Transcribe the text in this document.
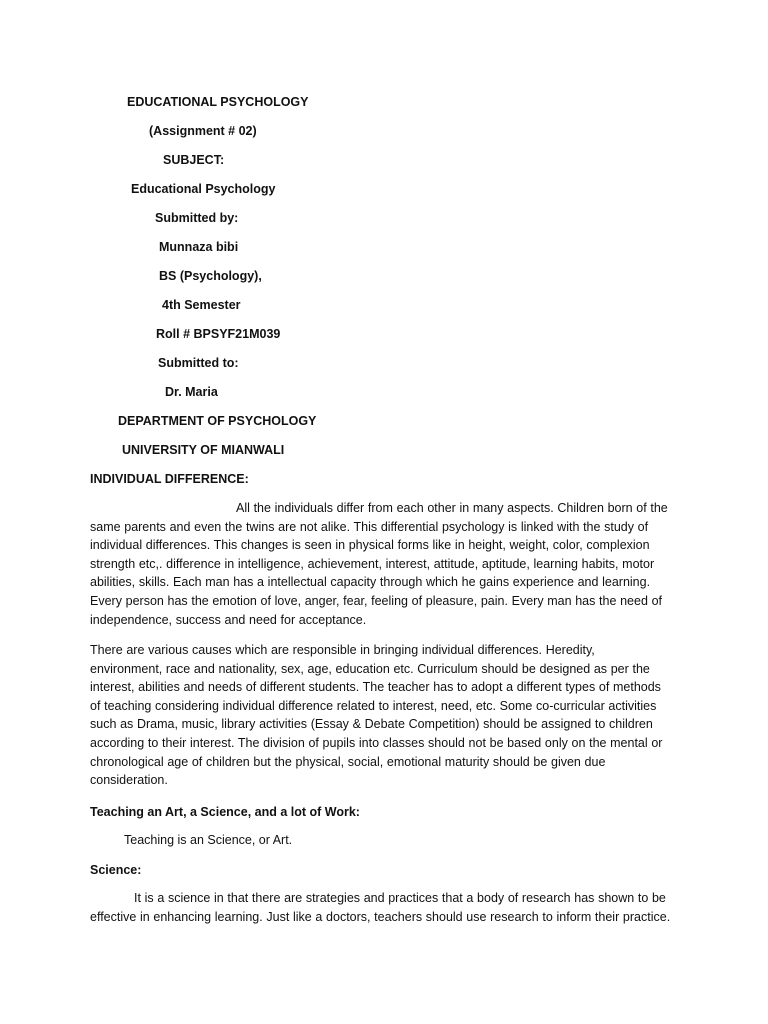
EDUCATIONAL PSYCHOLOGY
(Assignment # 02)
SUBJECT:
Educational Psychology
Submitted by:
Munnaza bibi
BS (Psychology),
4th Semester
Roll # BPSYF21M039
Submitted to:
Dr. Maria
DEPARTMENT OF PSYCHOLOGY
UNIVERSITY OF MIANWALI
INDIVIDUAL DIFFERENCE:
All the individuals differ from each other in many aspects. Children born of the
same parents and even the twins are not alike. This differential psychology is linked with the study of
individual differences. This changes is seen in physical forms like in height, weight, color, complexion
strength etc,. difference in intelligence, achievement, interest, attitude, aptitude, learning habits, motor
abilities, skills. Each man has a intellectual capacity through which he gains experience and learning.
Every person has the emotion of love, anger, fear, feeling of pleasure, pain. Every man has the need of
independence, success and need for acceptance.
There are various causes which are responsible in bringing individual differences. Heredity,
environment, race and nationality, sex, age, education etc. Curriculum should be designed as per the
interest, abilities and needs of different students. The teacher has to adopt a different types of methods
of teaching considering individual difference related to interest, need, etc. Some co-curricular activities
such as Drama, music, library activities (Essay & Debate Competition) should be assigned to children
according to their interest. The division of pupils into classes should not be based only on the mental or
chronological age of children but the physical, social, emotional maturity should be given due
consideration.
Teaching an Art, a Science, and a lot of Work:
Teaching is an Science, or Art.
Science:
It is a science in that there are strategies and practices that a body of research has shown to be
effective in enhancing learning. Just like a doctors, teachers should use research to inform their practice.
